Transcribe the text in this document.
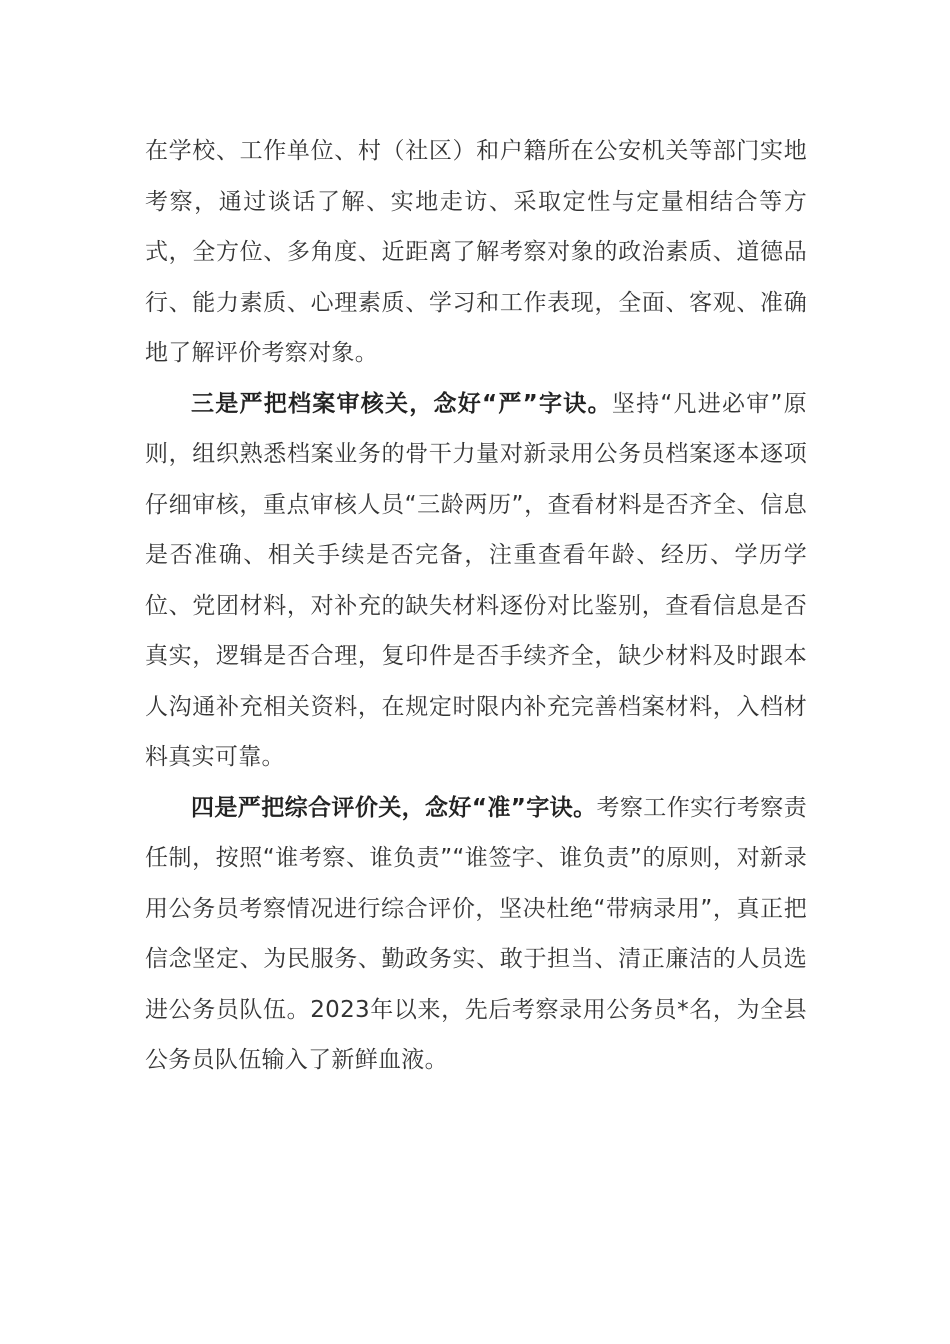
在学校、工作单位、村（社区）和户籍所在公安机关等部门实地考察，通过谈话了解、实地走访、采取定性与定量相结合等方式，全方位、多角度、近距离了解考察对象的政治素质、道德品行、能力素质、心理素质、学习和工作表现，全面、客观、准确地了解评价考察对象。

三是严把档案审核关，念好“严”字诀。坚持“凡进必审”原则，组织熟悉档案业务的骨干力量对新录用公务员档案逐本逐项仔细审核，重点审核人员“三龄两历”，查看材料是否齐全、信息是否准确、相关手续是否完备，注重查看年龄、经历、学历学位、党团材料，对补充的缺失材料逐份对比鉴别，查看信息是否真实，逻辑是否合理，复印件是否手续齐全，缺少材料及时跟本人沟通补充相关资料，在规定时限内补充完善档案材料，入档材料真实可靠。

四是严把综合评价关，念好“准”字诀。考察工作实行考察责任制，按照“谁考察、谁负责”“谁签字、谁负责”的原则，对新录用公务员考察情况进行综合评价，坚决杜绝“带病录用”，真正把信念坚定、为民服务、勤政务实、敢于担当、清正廉洁的人员选进公务员队伍。2023年以来，先后考察录用公务员*名，为全县公务员队伍输入了新鲜血液。
